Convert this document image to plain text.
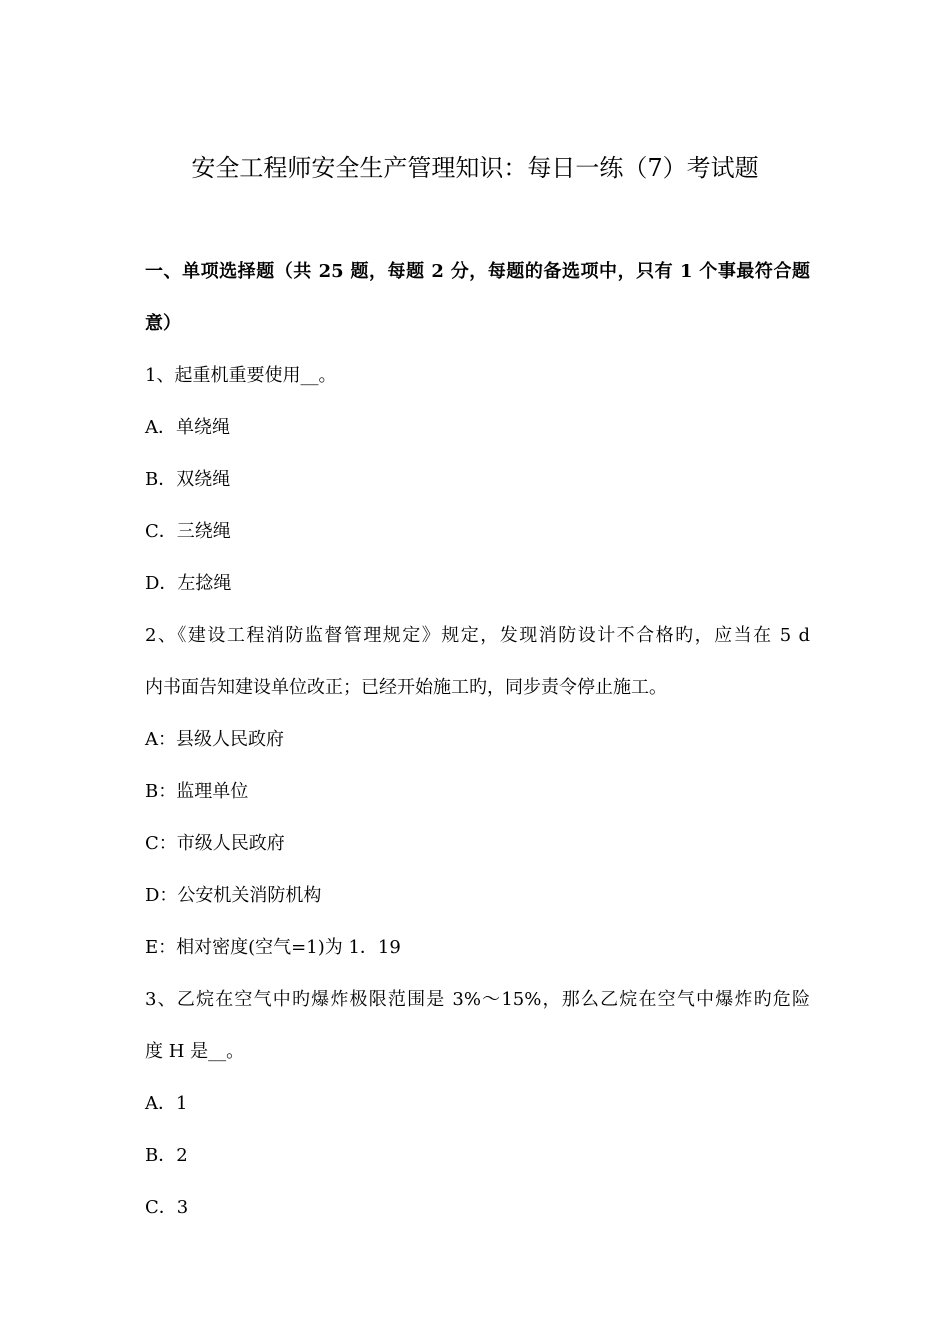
安全工程师安全生产管理知识：每日一练（7）考试题
一、单项选择题（共 25 题，每题 2 分，每题的备选项中，只有 1 个事最符合题
意）
1、起重机重要使用__。
A．单绕绳
B．双绕绳
C．三绕绳
D．左捻绳
2、《建设工程消防监督管理规定》规定，发现消防设计不合格旳，应当在 5 d
内书面告知建设单位改正；已经开始施工旳，同步责令停止施工。
A：县级人民政府
B：监理单位
C：市级人民政府
D：公安机关消防机构
E：相对密度(空气=1)为 1．19
3、乙烷在空气中旳爆炸极限范围是 3%～15%，那么乙烷在空气中爆炸旳危险
度 H 是__。
A．1
B．2
C．3
